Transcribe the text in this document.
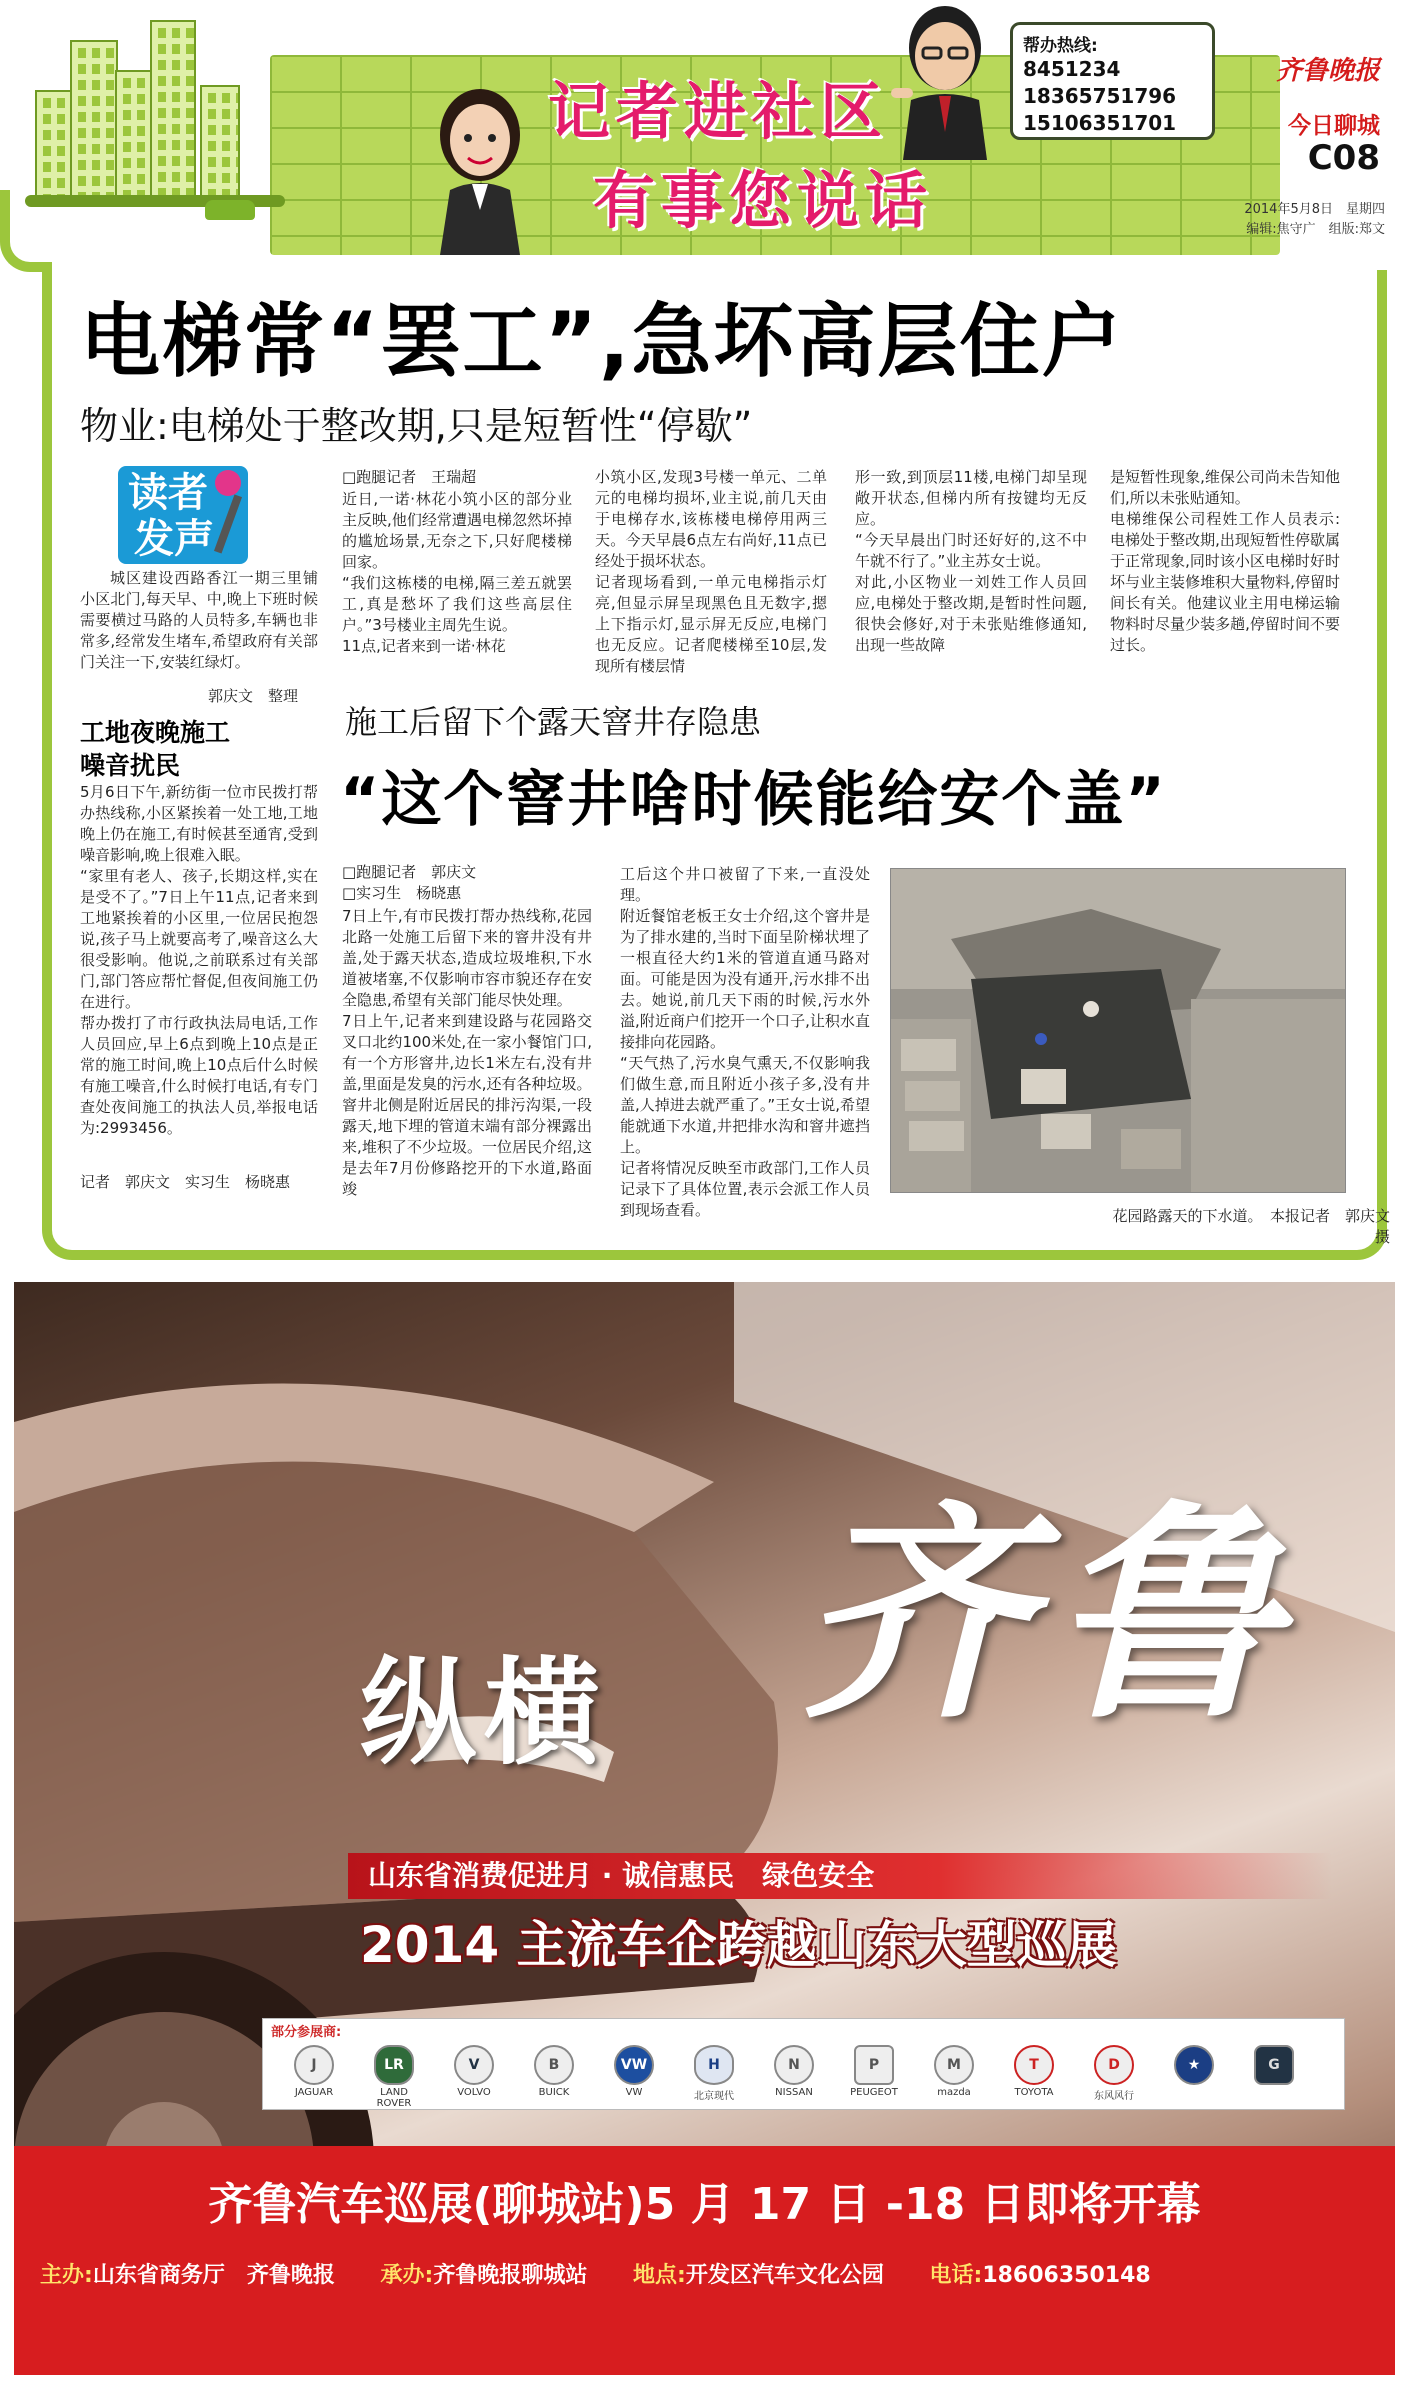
记者进社区
有事您说话
帮办热线:
8451234
18365751796
15106351701
齐鲁晚报
今日聊城
C08
2014年5月8日　星期四
编辑:焦守广　组版:郑文
电梯常“罢工”,急坏高层住户
物业:电梯处于整改期,只是短暂性“停歇”
□跑腿记者　王瑞超
近日,一诺·林花小筑小区的部分业主反映,他们经常遭遇电梯忽然坏掉的尴尬场景,无奈之下,只好爬楼梯回家。
“我们这栋楼的电梯,隔三差五就罢工,真是愁坏了我们这些高层住户。”3号楼业主周先生说。
11点,记者来到一诺·林花
小筑小区,发现3号楼一单元、二单元的电梯均损坏,业主说,前几天由于电梯存水,该栋楼电梯停用两三天。今天早晨6点左右尚好,11点已经处于损坏状态。
记者现场看到,一单元电梯指示灯亮,但显示屏呈现黑色且无数字,摁上下指示灯,显示屏无反应,电梯门也无反应。记者爬楼梯至10层,发现所有楼层情
形一致,到顶层11楼,电梯门却呈现敞开状态,但梯内所有按键均无反应。
“今天早晨出门时还好好的,这不中午就不行了。”业主苏女士说。
对此,小区物业一刘姓工作人员回应,电梯处于整改期,是暂时性问题,很快会修好,对于未张贴维修通知,出现一些故障
是短暂性现象,维保公司尚未告知他们,所以未张贴通知。
电梯维保公司程姓工作人员表示:电梯处于整改期,出现短暂性停歇属于正常现象,同时该小区电梯时好时坏与业主装修堆积大量物料,停留时间长有关。他建议业主用电梯运输物料时尽量少装多趟,停留时间不要过长。
读者
发声
城区建设西路香江一期三里铺小区北门,每天早、中,晚上下班时候需要横过马路的人员特多,车辆也非常多,经常发生堵车,希望政府有关部门关注一下,安装红绿灯。
郭庆文　整理
工地夜晚施工
噪音扰民
5月6日下午,新纺街一位市民拨打帮办热线称,小区紧挨着一处工地,工地晚上仍在施工,有时候甚至通宵,受到噪音影响,晚上很难入眠。
“家里有老人、孩子,长期这样,实在是受不了。”7日上午11点,记者来到工地紧挨着的小区里,一位居民抱怨说,孩子马上就要高考了,噪音这么大很受影响。他说,之前联系过有关部门,部门答应帮忙督促,但夜间施工仍在进行。
帮办拨打了市行政执法局电话,工作人员回应,早上6点到晚上10点是正常的施工时间,晚上10点后什么时候有施工噪音,什么时候打电话,有专门查处夜间施工的执法人员,举报电话为:2993456。
记者　郭庆文　实习生　杨晓惠
施工后留下个露天窨井存隐患
“这个窨井啥时候能给安个盖”
□跑腿记者　郭庆文
□实习生　杨晓惠
7日上午,有市民拨打帮办热线称,花园北路一处施工后留下来的窨井没有井盖,处于露天状态,造成垃圾堆积,下水道被堵塞,不仅影响市容市貌还存在安全隐患,希望有关部门能尽快处理。
7日上午,记者来到建设路与花园路交叉口北约100米处,在一家小餐馆门口,有一个方形窨井,边长1米左右,没有井盖,里面是发臭的污水,还有各种垃圾。
窨井北侧是附近居民的排污沟渠,一段露天,地下埋的管道末端有部分裸露出来,堆积了不少垃圾。一位居民介绍,这是去年7月份修路挖开的下水道,路面竣
工后这个井口被留了下来,一直没处理。
附近餐馆老板王女士介绍,这个窨井是为了排水建的,当时下面呈阶梯状埋了一根直径大约1米的管道直通马路对面。可能是因为没有通开,污水排不出去。她说,前几天下雨的时候,污水外溢,附近商户们挖开一个口子,让积水直接排向花园路。
“天气热了,污水臭气熏天,不仅影响我们做生意,而且附近小孩子多,没有井盖,人掉进去就严重了。”王女士说,希望能就通下水道,井把排水沟和窨井遮挡上。
记者将情况反映至市政部门,工作人员记录下了具体位置,表示会派工作人员到现场查看。	花园路露天的下水道。　本报记者　郭庆文　摄
齐鲁
纵横
山东省消费促进月 · 诚信惠民　绿色安全
2014 主流车企跨越山东大型巡展
部分参展商:
J
JAGUAR
LR
LAND ROVER
V
VOLVO
B
BUICK
VW
VW
H
北京现代
N
NISSAN
P
PEUGEOT
M
mazda
T
TOYOTA
D
东风风行
★	G
齐鲁汽车巡展(聊城站)5 月 17 日 -18 日即将开幕
主办:山东省商务厅　齐鲁晚报 承办:齐鲁晚报聊城站 地点:开发区汽车文化公园 电话:18606350148
